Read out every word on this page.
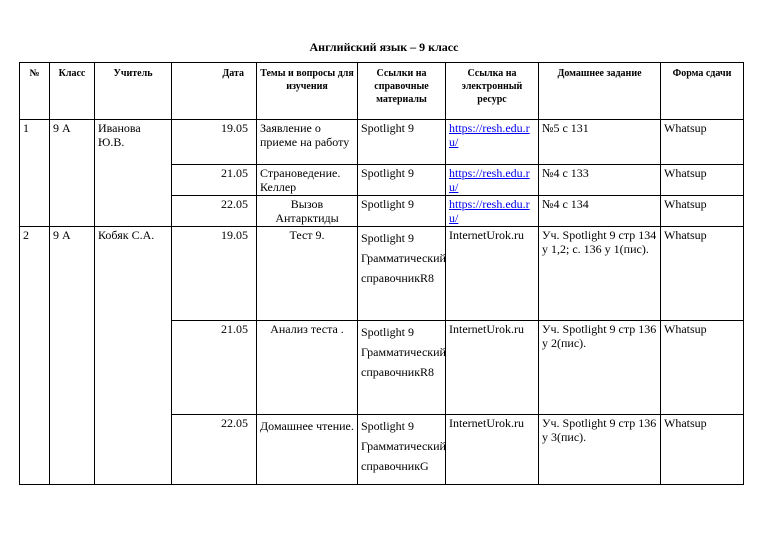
Английский язык – 9 класс
№	Класс	Учитель	Дата	Темы и вопросы для изучения	Ссылки на справочные материалы	Ссылка на электронный ресурс	Домашнее задание	Форма сдачи
1	9 А	Иванова Ю.В.	19.05	Заявление о приеме на работу	Spotlight 9	https://resh.edu.ru/	№5 с 131	Whatsup
			21.05	Страноведение. Келлер	Spotlight 9	https://resh.edu.ru/	№4 с 133	Whatsup
			22.05	Вызов Антарктиды	Spotlight 9	https://resh.edu.ru/	№4 с 134	Whatsup
2	9 А	Кобяк С.А.	19.05	Тест 9.	Spotlight 9 Грамматический справочникR8	InternetUrok.ru	Уч. Spotlight 9 стр 134 у 1,2; с. 136 у 1(пис).	Whatsup
			21.05	Анализ теста .	Spotlight 9 Грамматический справочникR8	InternetUrok.ru	Уч. Spotlight 9 стр 136 у 2(пис).	Whatsup
			22.05	Домашнее чтение.	Spotlight 9 Грамматический справочникG	InternetUrok.ru	Уч. Spotlight 9 стр 136 у 3(пис).	Whatsup
